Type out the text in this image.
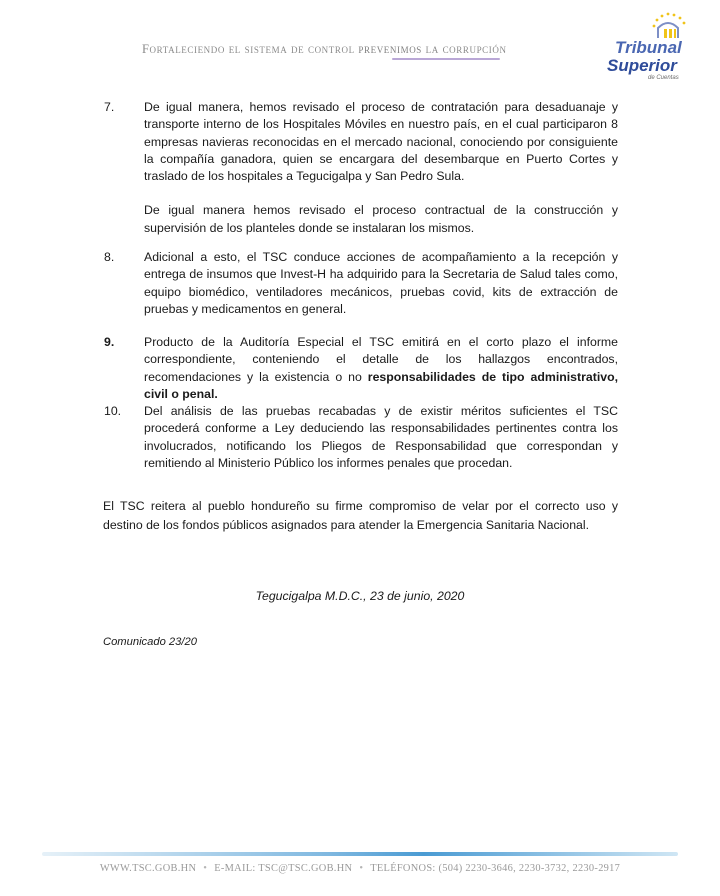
Fortaleciendo el sistema de control prevenimos la corrupción	Tribunal
Superior
de Cuentas
7.	De igual manera, hemos revisado el proceso de contratación para desaduanaje y transporte interno de los Hospitales Móviles en nuestro país, en el cual participaron 8 empresas navieras reconocidas en el mercado nacional, conociendo por consiguiente la compañía ganadora, quien se encargara del desembarque en Puerto Cortes y traslado de los hospitales a Tegucigalpa y San Pedro Sula.
De igual manera hemos revisado el proceso contractual de la construcción y supervisión de los planteles donde se instalaran los mismos.
8.	Adicional a esto, el TSC conduce acciones de acompañamiento a la recepción y entrega de insumos que Invest-H ha adquirido para la Secretaria de Salud tales como, equipo biomédico, ventiladores mecánicos, pruebas covid, kits de extracción de pruebas y medicamentos en general.
9.	Producto de la Auditoría Especial el TSC emitirá en el corto plazo el informe correspondiente, conteniendo el detalle de los hallazgos encontrados, recomendaciones y la existencia o no responsabilidades de tipo administrativo, civil o penal.
10.	Del análisis de las pruebas recabadas y de existir méritos suficientes el TSC procederá conforme a Ley deduciendo las responsabilidades pertinentes contra los involucrados, notificando los Pliegos de Responsabilidad que correspondan y remitiendo al Ministerio Público los informes penales que procedan.
El TSC reitera al pueblo hondureño su firme compromiso de velar por el correcto uso y destino de los fondos públicos asignados para atender la Emergencia Sanitaria Nacional.
Tegucigalpa M.D.C., 23 de junio, 2020
Comunicado 23/20
WWW.TSC.GOB.HN • E-MAIL: TSC@TSC.GOB.HN • TELÉFONOS: (504) 2230-3646, 2230-3732, 2230-2917
